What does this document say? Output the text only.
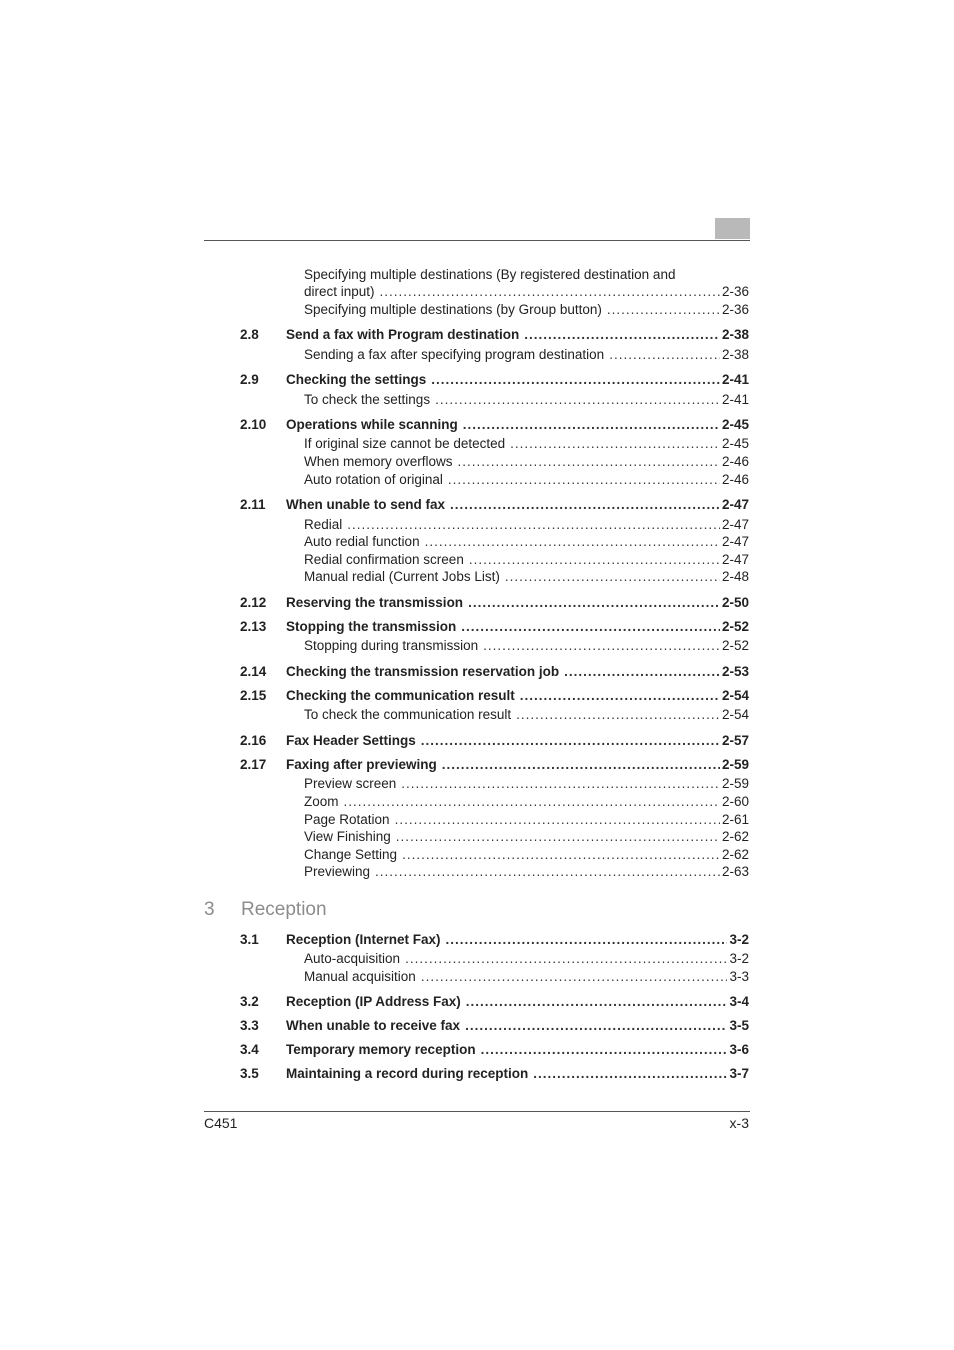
Specifying multiple destinations (By registered destination and
direct input) .....	2-36
Specifying multiple destinations (by Group button) .....	2-36
2.8 Send a fax with Program destination .....	2-38
Sending a fax after specifying program destination .....	2-38
2.9 Checking the settings .....	2-41
To check the settings .....	2-41
2.10 Operations while scanning .....	2-45
If original size cannot be detected .....	2-45
When memory overflows .....	2-46
Auto rotation of original .....	2-46
2.11 When unable to send fax .....	2-47
Redial .....	2-47
Auto redial function .....	2-47
Redial confirmation screen .....	2-47
Manual redial (Current Jobs List) .....	2-48
2.12 Reserving the transmission .....	2-50
2.13 Stopping the transmission .....	2-52
Stopping during transmission .....	2-52
2.14 Checking the transmission reservation job .....	2-53
2.15 Checking the communication result .....	2-54
To check the communication result .....	2-54
2.16 Fax Header Settings .....	2-57
2.17 Faxing after previewing .....	2-59
Preview screen .....	2-59
Zoom .....	2-60
Page Rotation .....	2-61
View Finishing .....	2-62
Change Setting .....	2-62
Previewing .....	2-63
3.1 Reception (Internet Fax) .....	3-2
Auto-acquisition .....	3-2
Manual acquisition .....	3-3
3.2 Reception (IP Address Fax) .....	3-4
3.3 When unable to receive fax .....	3-5
3.4 Temporary memory reception .....	3-6
3.5 Maintaining a record during reception .....	3-7
3 Reception
C451	x-3
